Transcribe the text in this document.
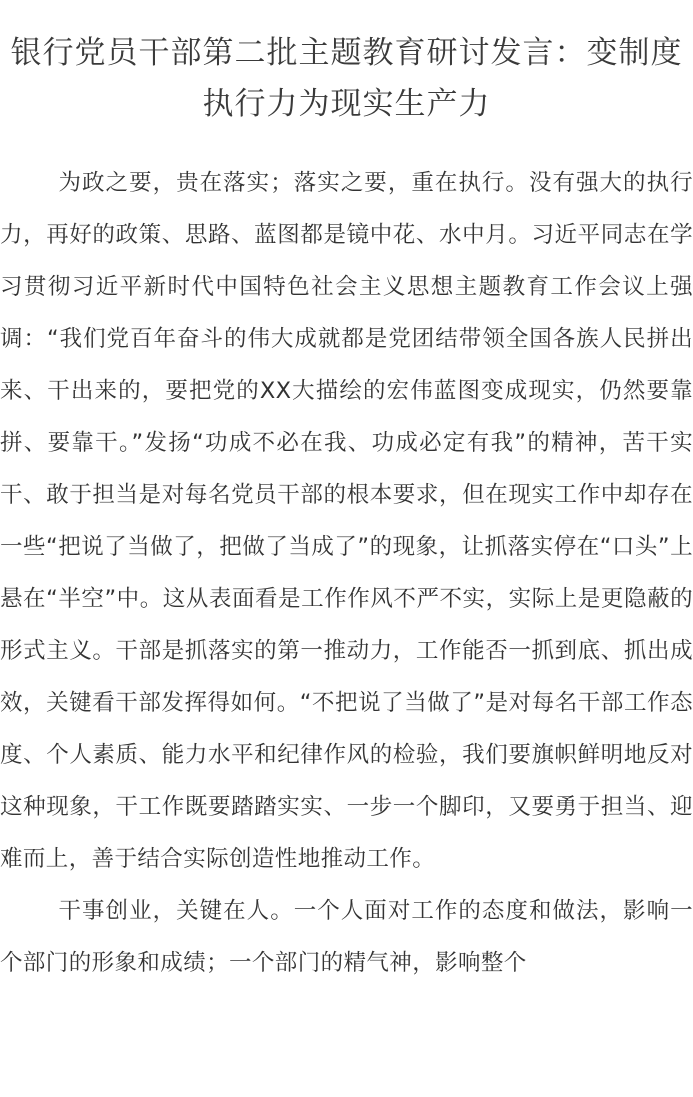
银行党员干部第二批主题教育研讨发言：变制度执行力为现实生产力

为政之要，贵在落实；落实之要，重在执行。没有强大的执行力，再好的政策、思路、蓝图都是镜中花、水中月。习近平同志在学习贯彻习近平新时代中国特色社会主义思想主题教育工作会议上强调：“我们党百年奋斗的伟大成就都是党团结带领全国各族人民拼出来、干出来的，要把党的XX大描绘的宏伟蓝图变成现实，仍然要靠拼、要靠干。”发扬“功成不必在我、功成必定有我”的精神，苦干实干、敢于担当是对每名党员干部的根本要求，但在现实工作中却存在一些“把说了当做了，把做了当成了”的现象，让抓落实停在“口头”上悬在“半空”中。这从表面看是工作作风不严不实，实际上是更隐蔽的形式主义。干部是抓落实的第一推动力，工作能否一抓到底、抓出成效，关键看干部发挥得如何。“不把说了当做了”是对每名干部工作态度、个人素质、能力水平和纪律作风的检验，我们要旗帜鲜明地反对这种现象，干工作既要踏踏实实、一步一个脚印，又要勇于担当、迎难而上，善于结合实际创造性地推动工作。

干事创业，关键在人。一个人面对工作的态度和做法，影响一个部门的形象和成绩；一个部门的精气神，影响整个
